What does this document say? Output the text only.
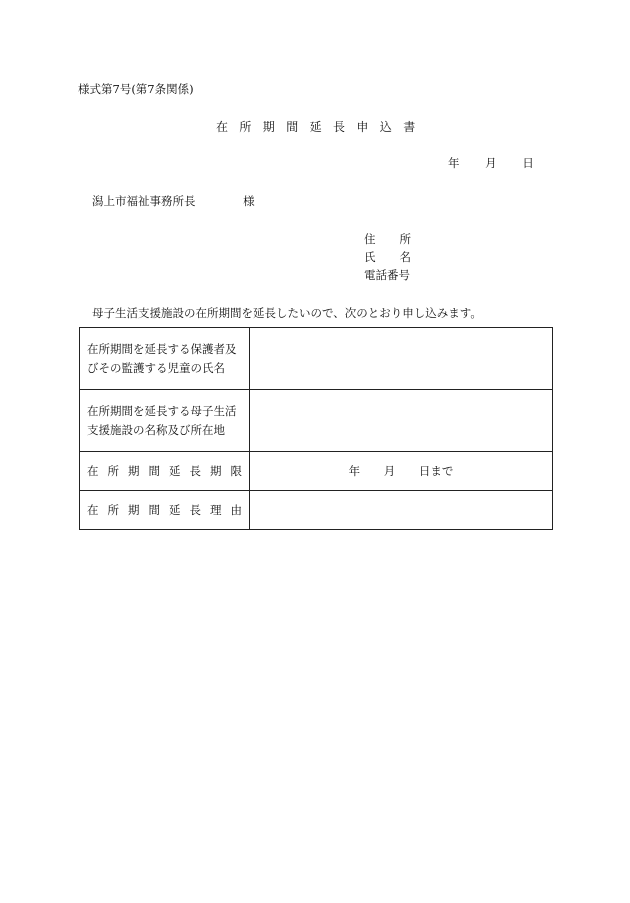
様式第7号(第7条関係)
在所期間延長申込書
年 月 日
潟上市福祉事務所長	様
住所
氏名
電話番号
母子生活支援施設の在所期間を延長したいので、次のとおり申し込みます。
在所期間を延長する保護者及
びその監護する児童の氏名	

在所期間を延長する母子生活
支援施設の名称及び所在地	

在所期間延長期限	年 月 日まで

在所期間延長理由	
